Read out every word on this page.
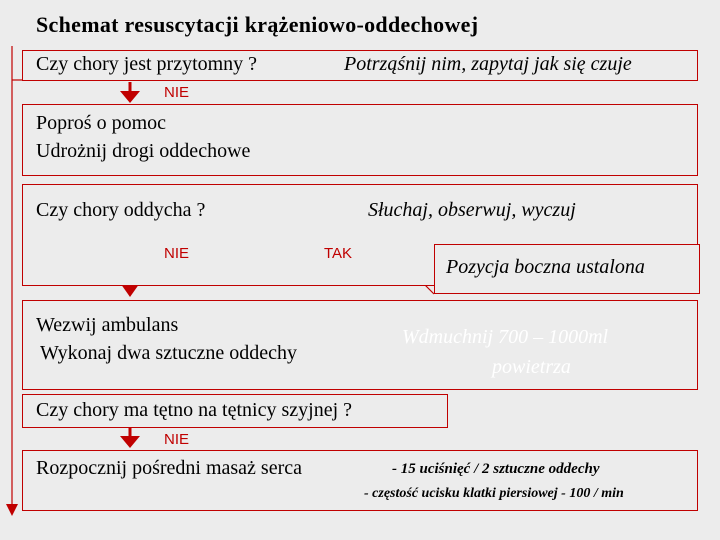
Schemat resuscytacji krążeniowo-oddechowej
Czy chory jest przytomny ?	Potrząśnij nim, zapytaj jak się czuje
NIE
Poproś o pomoc
Udrożnij drogi oddechowe
Czy chory oddycha ?	Słuchaj, obserwuj, wyczuj
NIE	TAK
Pozycja boczna ustalona
Wezwij ambulans
Wykonaj dwa sztuczne oddechy
Wdmuchnij 700 – 1000ml
powietrza
Czy chory ma tętno na tętnicy szyjnej ?
NIE
Rozpocznij pośredni masaż serca	- 15 uciśnięć / 2 sztuczne oddechy
- częstość ucisku klatki piersiowej - 100 / min
